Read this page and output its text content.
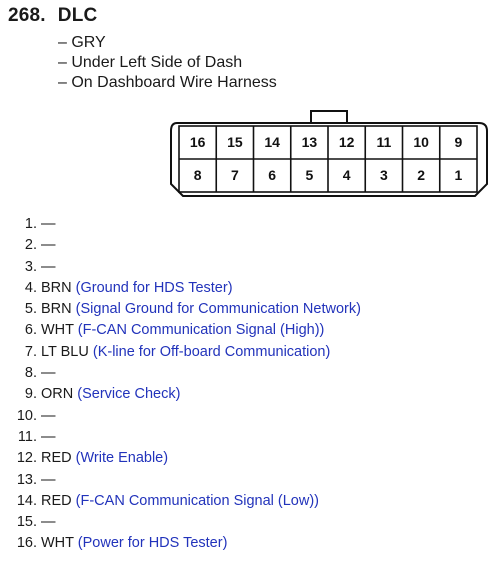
268. DLC
– GRY
– Under Left Side of Dash
– On Dashboard Wire Harness
16	15	14	13	12	11	10	9
8	7	6	5	4	3	2	1
1. —
2. —
3. —
4. BRN (Ground for HDS Tester)
5. BRN (Signal Ground for Communication Network)
6. WHT (F-CAN Communication Signal (High))
7. LT BLU (K-line for Off-board Communication)
8. —
9. ORN (Service Check)
10. —
11. —
12. RED (Write Enable)
13. —
14. RED (F-CAN Communication Signal (Low))
15. —
16. WHT (Power for HDS Tester)
